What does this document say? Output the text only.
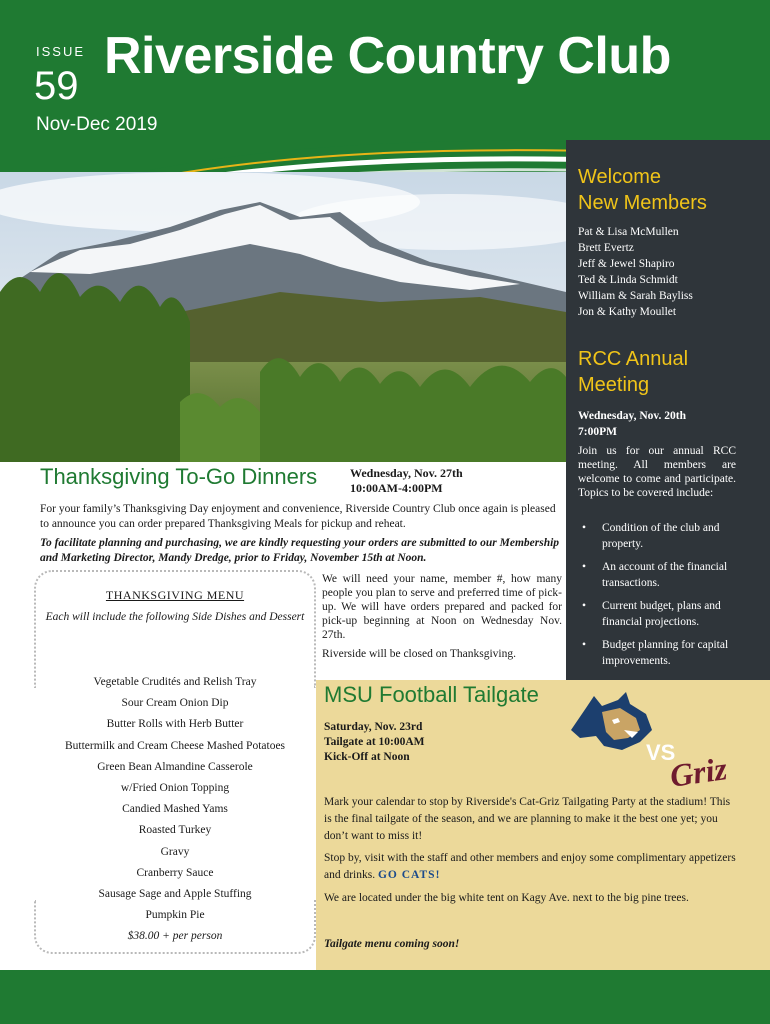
ISSUE
59
Riverside Country Club
Nov-Dec 2019
Welcome
New Members
Pat & Lisa McMullen
Brett Evertz
Jeff & Jewel Shapiro
Ted & Linda Schmidt
William & Sarah Bayliss
Jon & Kathy Moullet
RCC Annual
Meeting
Wednesday, Nov. 20th
7:00PM
Join us for our annual RCC meeting. All members are welcome to come and participate. Topics to be covered include:
• Condition of the club and property.
• An account of the financial transactions.
• Current budget, plans and financial projections.
• Budget planning for capital improvements.
Thanksgiving To-Go Dinners	Wednesday, Nov. 27th
10:00AM-4:00PM
For your family’s Thanksgiving Day enjoyment and convenience, Riverside Country Club once again is pleased to announce you can order prepared Thanksgiving Meals for pickup and reheat.
To facilitate planning and purchasing, we are kindly requesting your orders are submitted to our Membership and Marketing Director, Mandy Dredge, prior to Friday, November 15th at Noon.
We will need your name, member #, how many people you plan to serve and preferred time of pick-up. We will have orders prepared and packed for pick-up beginning at Noon on Wednesday Nov. 27th.
Riverside will be closed on Thanksgiving.
THANKSGIVING MENU
Each will include the following Side Dishes and Dessert
Vegetable Crudités and Relish Tray
Sour Cream Onion Dip
Butter Rolls with Herb Butter
Buttermilk and Cream Cheese Mashed Potatoes
Green Bean Almandine Casserole
w/Fried Onion Topping
Candied Mashed Yams
Roasted Turkey
Gravy
Cranberry Sauce
Sausage Sage and Apple Stuffing
Pumpkin Pie
$38.00 + per person
MSU Football Tailgate
Saturday, Nov. 23rd
Tailgate at 10:00AM
Kick-Off at Noon	VS
Griz
Mark your calendar to stop by Riverside's Cat-Griz Tailgating Party at the stadium! This is the final tailgate of the season, and we are planning to make it the best one yet; you don’t want to miss it!
Stop by, visit with the staff and other members and enjoy some complimentary appetizers and drinks. GO CATS!
We are located under the big white tent on Kagy Ave. next to the big pine trees.
Tailgate menu coming soon!
